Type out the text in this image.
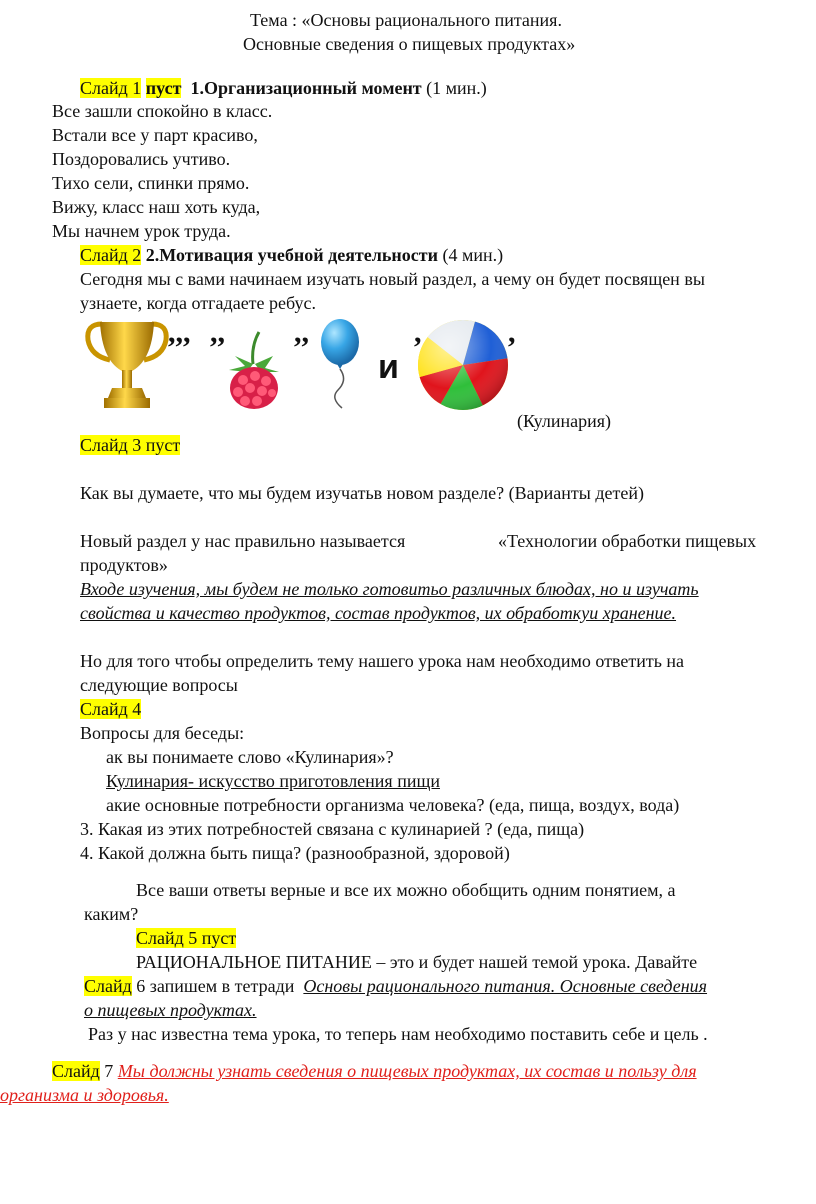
Тема : «Основы рационального питания.
Основные сведения о пищевых продуктах»
Слайд 1 пуст 1.Организационный момент (1 мин.)
Все зашли спокойно в класс.
Встали все у парт красиво,
Поздоровались учтиво.
Тихо сели, спинки прямо.
Вижу, класс наш хоть куда,
Мы начнем урок труда.
Слайд 2 2.Мотивация учебной деятельности (4 мин.)
Сегодня мы с вами начинаем изучать новый раздел, а чему он будет посвящен вы
узнаете, когда отгадаете ребус.
,,, ,, ,,
и
,	,
(Кулинария)
Слайд 3 пуст
Как вы думаете, что мы будем изучатьв новом разделе? (Варианты детей)
Новый раздел у нас правильно называется	«Технологии обработки пищевых
продуктов»
Входе изучения, мы будем не только готовитьо различных блюдах, но и изучать
свойства и качество продуктов, состав продуктов, их обработкуи хранение.
Но для того чтобы определить тему нашего урока нам необходимо ответить на
следующие вопросы
Слайд 4
Вопросы для беседы:
ак вы понимаете слово «Кулинария»?
Кулинария- искусство приготовления пищи
акие основные потребности организма человека? (еда, пища, воздух, вода)
3. Какая из этих потребностей связана с кулинарией ? (еда, пища)
4. Какой должна быть пища? (разнообразной, здоровой)
Все ваши ответы верные и все их можно обобщить одним понятием, а
каким?
Слайд 5 пуст
РАЦИОНАЛЬНОЕ ПИТАНИЕ – это и будет нашей темой урока. Давайте
Слайд 6 запишем в тетради Основы рационального питания. Основные сведения
о пищевых продуктах.
Раз у нас известна тема урока, то теперь нам необходимо поставить себе и цель .
Слайд 7 Мы должны узнать сведения о пищевых продуктах, их состав и пользу для
организма и здоровья.
